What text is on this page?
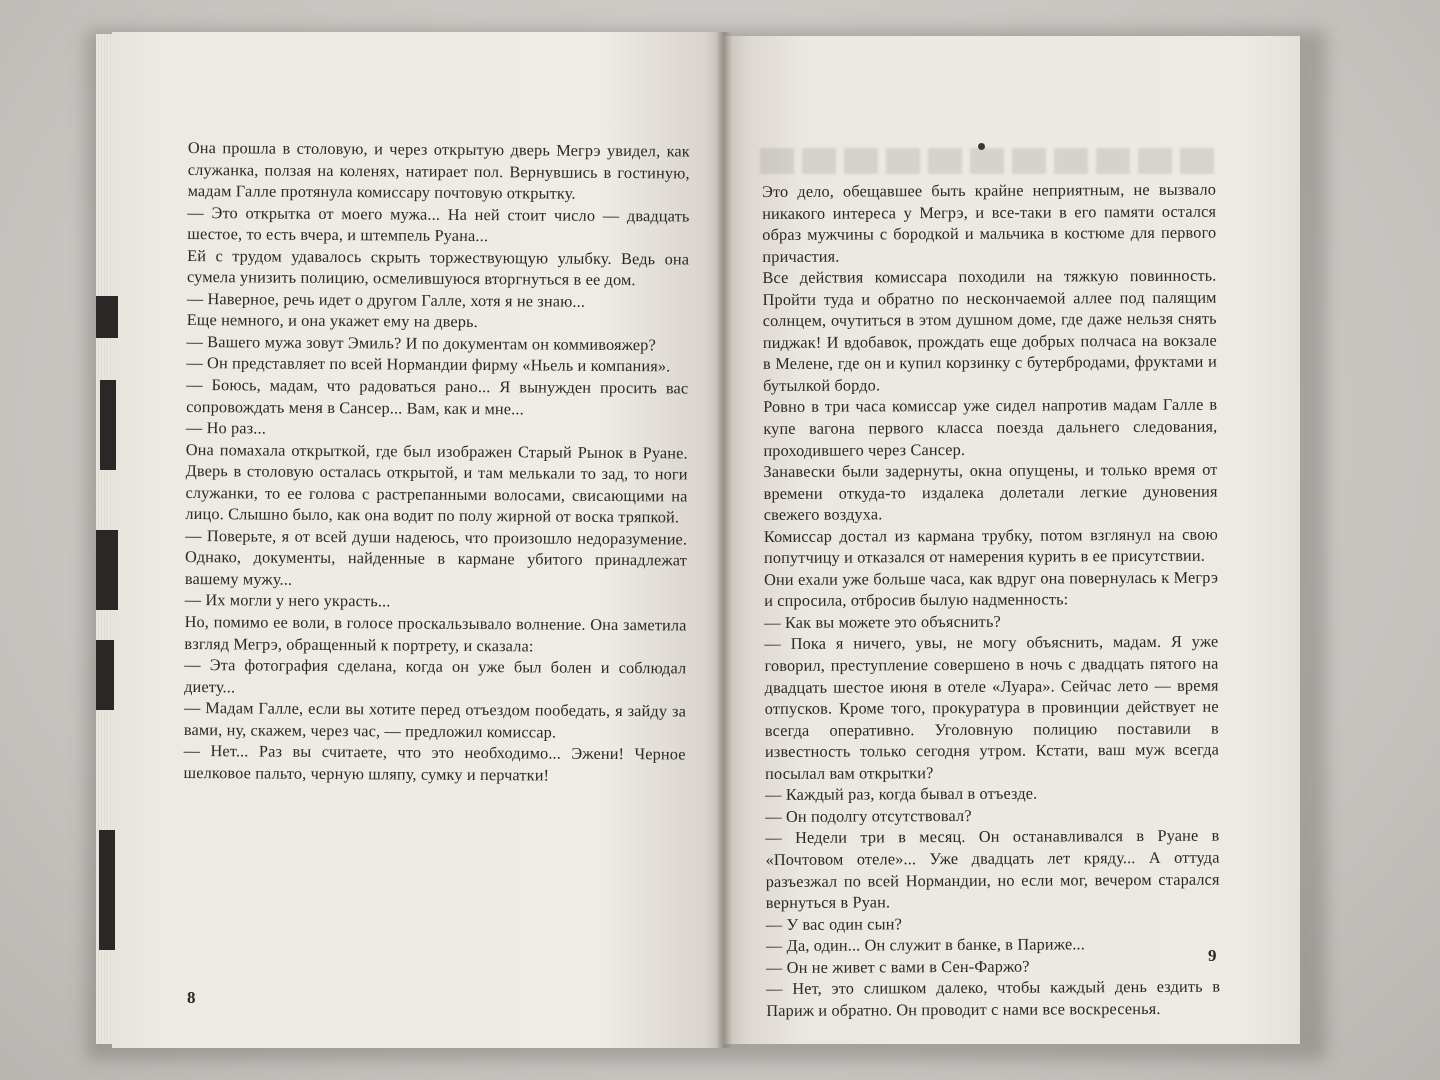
Она прошла в столовую, и через открытую дверь Мегрэ увидел, как служанка, ползая на коленях, натирает пол. Вернувшись в гостиную, мадам Галле протянула комиссару почтовую открытку.

— Это открытка от моего мужа... На ней стоит число — двадцать шестое, то есть вчера, и штемпель Руана...

Ей с трудом удавалось скрыть торжествующую улыбку. Ведь она сумела унизить полицию, осмелившуюся вторгнуться в ее дом.

— Наверное, речь идет о другом Галле, хотя я не знаю...

Еще немного, и она укажет ему на дверь.

— Вашего мужа зовут Эмиль? И по документам он коммивояжер?

— Он представляет по всей Нормандии фирму «Ньель и компания».

— Боюсь, мадам, что радоваться рано... Я вынужден просить вас сопровождать меня в Сансер... Вам, как и мне...

— Но раз...

Она помахала открыткой, где был изображен Старый Рынок в Руане. Дверь в столовую осталась открытой, и там мелькали то зад, то ноги служанки, то ее голова с растрепанными волосами, свисающими на лицо. Слышно было, как она водит по полу жирной от воска тряпкой.

— Поверьте, я от всей души надеюсь, что произошло недоразумение. Однако, документы, найденные в кармане убитого принадлежат вашему мужу...

— Их могли у него украсть...

Но, помимо ее воли, в голосе проскальзывало волнение. Она заметила взгляд Мегрэ, обращенный к портрету, и сказала:

— Эта фотография сделана, когда он уже был болен и соблюдал диету...

— Мадам Галле, если вы хотите перед отъездом пообедать, я зайду за вами, ну, скажем, через час, — предложил комиссар.

— Нет... Раз вы считаете, что это необходимо... Эжени! Черное шелковое пальто, черную шляпу, сумку и перчатки!

8

Это дело, обещавшее быть крайне неприятным, не вызвало никакого интереса у Мегрэ, и все-таки в его памяти остался образ мужчины с бородкой и мальчика в костюме для первого причастия.

Все действия комиссара походили на тяжкую повинность. Пройти туда и обратно по нескончаемой аллее под палящим солнцем, очутиться в этом душном доме, где даже нельзя снять пиджак! И вдобавок, прождать еще добрых полчаса на вокзале в Мелене, где он и купил корзинку с бутербродами, фруктами и бутылкой бордо.

Ровно в три часа комиссар уже сидел напротив мадам Галле в купе вагона первого класса поезда дальнего следования, проходившего через Сансер.

Занавески были задернуты, окна опущены, и только время от времени откуда-то издалека долетали легкие дуновения свежего воздуха.

Комиссар достал из кармана трубку, потом взглянул на свою попутчицу и отказался от намерения курить в ее присутствии.

Они ехали уже больше часа, как вдруг она повернулась к Мегрэ и спросила, отбросив былую надменность:

— Как вы можете это объяснить?

— Пока я ничего, увы, не могу объяснить, мадам. Я уже говорил, преступление совершено в ночь с двадцать пятого на двадцать шестое июня в отеле «Луара». Сейчас лето — время отпусков. Кроме того, прокуратура в провинции действует не всегда оперативно. Уголовную полицию поставили в известность только сегодня утром. Кстати, ваш муж всегда посылал вам открытки?

— Каждый раз, когда бывал в отъезде.

— Он подолгу отсутствовал?

— Недели три в месяц. Он останавливался в Руане в «Почтовом отеле»... Уже двадцать лет кряду... А оттуда разъезжал по всей Нормандии, но если мог, вечером старался вернуться в Руан.

— У вас один сын?

— Да, один... Он служит в банке, в Париже...

— Он не живет с вами в Сен-Фаржо?

— Нет, это слишком далеко, чтобы каждый день ездить в Париж и обратно. Он проводит с нами все воскресенья.

9
